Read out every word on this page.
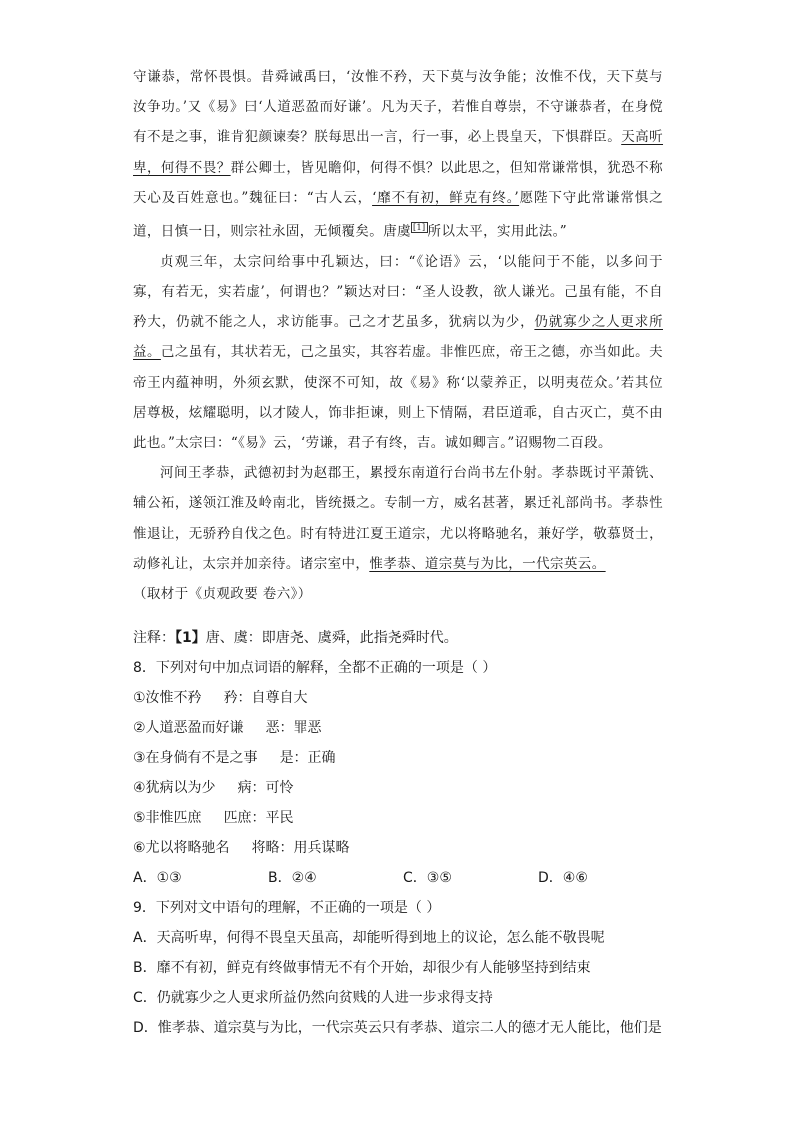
守谦恭，常怀畏惧。昔舜诫禹曰，‘汝惟不矜，天下莫与汝争能；汝惟不伐，天下莫与汝争功。’又《易》曰‘人道恶盈而好谦’。凡为天子，若惟自尊崇，不守谦恭者，在身傥有不是之事，谁肯犯颜谏奏？朕每思出一言，行一事，必上畏皇天，下惧群臣。天高听卑，何得不畏？群公卿士，皆见瞻仰，何得不惧？以此思之，但知常谦常惧，犹恐不称天心及百姓意也。”魏征曰：“古人云，‘靡不有初，鲜克有终。’愿陛下守此常谦常惧之道，日慎一日，则宗社永固，无倾覆矣。唐虞 [1] 所以太平，实用此法。”

贞观三年，太宗问给事中孔颖达，曰：“《论语》云，‘以能问于不能，以多问于寡，有若无，实若虚’，何谓也？”颖达对曰：“圣人设教，欲人谦光。己虽有能，不自矜大，仍就不能之人，求访能事。己之才艺虽多，犹病以为少，仍就寡少之人更求所益。己之虽有，其状若无，己之虽实，其容若虚。非惟匹庶，帝王之德，亦当如此。夫帝王内蕴神明，外须玄默，使深不可知，故《易》称‘以蒙养正，以明夷莅众。’若其位居尊极，炫耀聪明，以才陵人，饰非拒谏，则上下情隔，君臣道乖，自古灭亡，莫不由此也。”太宗曰：“《易》云，‘劳谦，君子有终，吉。诚如卿言。”诏赐物二百段。

河间王孝恭，武德初封为赵郡王，累授东南道行台尚书左仆射。孝恭既讨平萧铣、辅公祏，遂领江淮及岭南北，皆统摄之。专制一方，威名甚著，累迁礼部尚书。孝恭性惟退让，无骄矜自伐之色。时有特进江夏王道宗，尤以将略驰名，兼好学，敬慕贤士，动修礼让，太宗并加亲待。诸宗室中，惟孝恭、道宗莫与为比，一代宗英云。

（取材于《贞观政要 卷六》）

注释：【1】唐、虞：即唐尧、虞舜，此指尧舜时代。
8．下列对句中加点词语的解释，全都不正确的一项是（ ）
①汝惟不矜 矜：自尊自大
②人道恶盈而好谦 恶：罪恶
③在身倘有不是之事 是：正确
④犹病以为少 病：可怜
⑤非惟匹庶 匹庶：平民
⑥尤以将略驰名 将略：用兵谋略
A．①③	B．②④	C．③⑤	D．④⑥
9．下列对文中语句的理解，不正确的一项是（ ）
A．天高听卑，何得不畏皇天虽高，却能听得到地上的议论，怎么能不敬畏呢
B．靡不有初，鲜克有终做事情无不有个开始，却很少有人能够坚持到结束
C．仍就寡少之人更求所益仍然向贫贱的人进一步求得支持
D．惟孝恭、道宗莫与为比，一代宗英云只有孝恭、道宗二人的德才无人能比，他们是
